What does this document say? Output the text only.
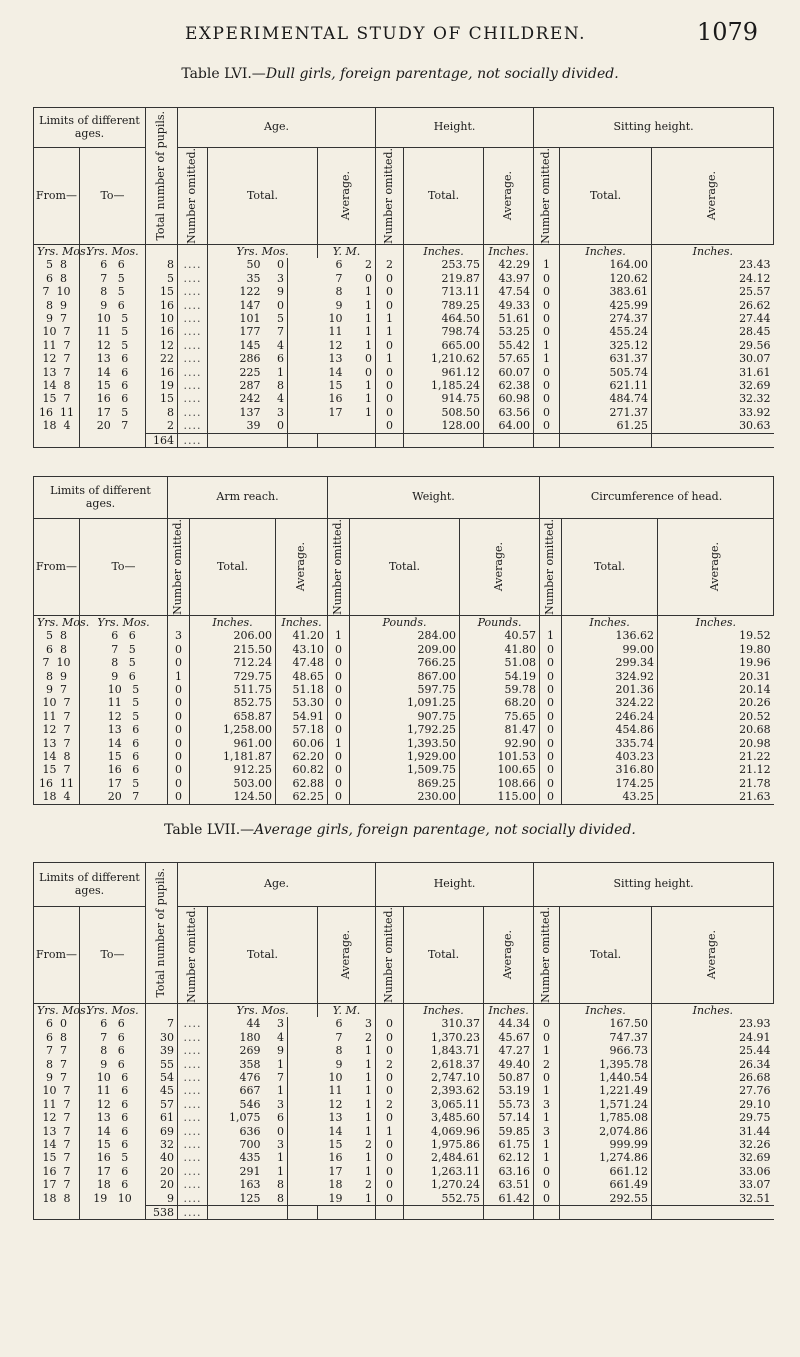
EXPERIMENTAL STUDY OF CHILDREN.	1079
Table LVI.—Dull girls, foreign parentage, not socially divided.
Limits of different ages.		Total number of pupils.	Age.						Height.			Sitting height.		
From—	To—		Number omitted.	Total.			Average.		Number omitted.	Total.	Average.	Number omitted.	Total.	Average.

Yrs. Mos.	Yrs. Mos.			Yrs. Mos.			Y. M.			Inches.	Inches.		Inches.	Inches.
5 8	6 6	8	....	50	0		6	2	2	253.75	42.29	1	164.00	23.43
6 8	7 5	5	....	35	3		7	0	0	219.87	43.97	0	120.62	24.12
7 10	8 5	15	....	122	9		8	1	0	713.11	47.54	0	383.61	25.57
8 9	9 6	16	....	147	0		9	1	0	789.25	49.33	0	425.99	26.62
9 7	10 5	10	....	101	5		10	1	1	464.50	51.61	0	274.37	27.44
10 7	11 5	16	....	177	7		11	1	1	798.74	53.25	0	455.24	28.45
11 7	12 5	12	....	145	4		12	1	0	665.00	55.42	1	325.12	29.56
12 7	13 6	22	....	286	6		13	0	1	1,210.62	57.65	1	631.37	30.07
13 7	14 6	16	....	225	1		14	0	0	961.12	60.07	0	505.74	31.61
14 8	15 6	19	....	287	8		15	1	0	1,185.24	62.38	0	621.11	32.69
15 7	16 6	15	....	242	4		16	1	0	914.75	60.98	0	484.74	32.32
16 11	17 5	8	....	137	3		17	1	0	508.50	63.56	0	271.37	33.92
18 4	20 7	2	....	39	0				0	128.00	64.00	0	61.25	30.63
		164	....											
Limits of different ages.		Arm reach.			Weight.			Circumference of head.		
From—	To—	Number omitted.	Total.	Average.	Number omitted.	Total.	Average.	Number omitted.	Total.	Average.

Yrs. Mos.	Yrs. Mos.		Inches.	Inches.		Pounds.	Pounds.		Inches.	Inches.
5 8	6 6	3	206.00	41.20	1	284.00	40.57	1	136.62	19.52
6 8	7 5	0	215.50	43.10	0	209.00	41.80	0	99.00	19.80
7 10	8 5	0	712.24	47.48	0	766.25	51.08	0	299.34	19.96
8 9	9 6	1	729.75	48.65	0	867.00	54.19	0	324.92	20.31
9 7	10 5	0	511.75	51.18	0	597.75	59.78	0	201.36	20.14
10 7	11 5	0	852.75	53.30	0	1,091.25	68.20	0	324.22	20.26
11 7	12 5	0	658.87	54.91	0	907.75	75.65	0	246.24	20.52
12 7	13 6	0	1,258.00	57.18	0	1,792.25	81.47	0	454.86	20.68
13 7	14 6	0	961.00	60.06	1	1,393.50	92.90	0	335.74	20.98
14 8	15 6	0	1,181.87	62.20	0	1,929.00	101.53	0	403.23	21.22
15 7	16 6	0	912.25	60.82	0	1,509.75	100.65	0	316.80	21.12
16 11	17 5	0	503.00	62.88	0	869.25	108.66	0	174.25	21.78
18 4	20 7	0	124.50	62.25	0	230.00	115.00	0	43.25	21.63
Table LVII.—Average girls, foreign parentage, not socially divided.
Limits of different ages.		Total number of pupils.	Age.						Height.			Sitting height.		
From—	To—		Number omitted.	Total.			Average.		Number omitted.	Total.	Average.	Number omitted.	Total.	Average.

Yrs. Mos.	Yrs. Mos.			Yrs. Mos.			Y. M.			Inches.	Inches.		Inches.	Inches.
6 0	6 6	7	....	44	3		6	3	0	310.37	44.34	0	167.50	23.93
6 8	7 6	30	....	180	4		7	2	0	1,370.23	45.67	0	747.37	24.91
7 7	8 6	39	....	269	9		8	1	0	1,843.71	47.27	1	966.73	25.44
8 7	9 6	55	....	358	1		9	1	2	2,618.37	49.40	2	1,395.78	26.34
9 7	10 6	54	....	476	7		10	1	0	2,747.10	50.87	0	1,440.54	26.68
10 7	11 6	45	....	667	1		11	1	0	2,393.62	53.19	1	1,221.49	27.76
11 7	12 6	57	....	546	3		12	1	2	3,065.11	55.73	3	1,571.24	29.10
12 7	13 6	61	....	1,075	6		13	1	0	3,485.60	57.14	1	1,785.08	29.75
13 7	14 6	69	....	636	0		14	1	1	4,069.96	59.85	3	2,074.86	31.44
14 7	15 6	32	....	700	3		15	2	0	1,975.86	61.75	1	999.99	32.26
15 7	16 5	40	....	435	1		16	1	0	2,484.61	62.12	1	1,274.86	32.69
16 7	17 6	20	....	291	1		17	1	0	1,263.11	63.16	0	661.12	33.06
17 7	18 6	20	....	163	8		18	2	0	1,270.24	63.51	0	661.49	33.07
18 8	19 10	9	....	125	8		19	1	0	552.75	61.42	0	292.55	32.51
		538	....											
